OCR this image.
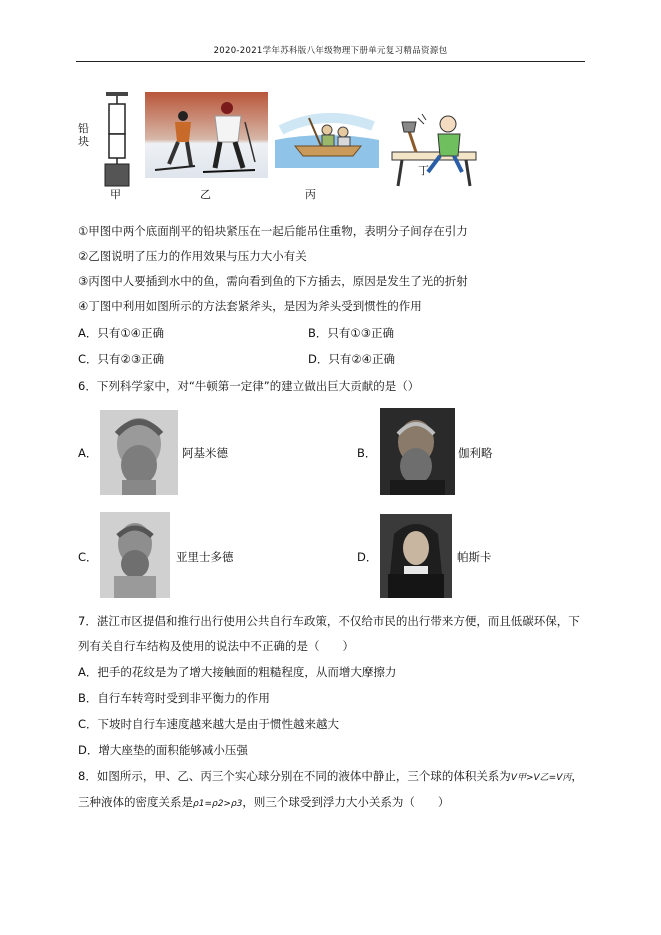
2020-2021学年苏科版八年级物理下册单元复习精品资源包
铅块
甲	乙	丙
丁
①甲图中两个底面削平的铅块紧压在一起后能吊住重物，表明分子间存在引力
②乙图说明了压力的作用效果与压力大小有关
③丙图中人要插到水中的鱼，需向看到鱼的下方插去，原因是发生了光的折射
④丁图中利用如图所示的方法套紧斧头，是因为斧头受到惯性的作用
A．只有①④正确	B．只有①③正确
C．只有②③正确	D．只有②④正确
6．下列科学家中，对“牛顿第一定律”的建立做出巨大贡献的是（）
A．	阿基米德	B．	伽利略
C．	亚里士多德	D．	帕斯卡
7．湛江市区提倡和推行出行使用公共自行车政策，不仅给市民的出行带来方便，而且低碳环保，下
列有关自行车结构及使用的说法中不正确的是（　　）
A．把手的花纹是为了增大接触面的粗糙程度，从而增大摩擦力
B．自行车转弯时受到非平衡力的作用
C．下坡时自行车速度越来越大是由于惯性越来越大
D．增大座垫的面积能够减小压强
8．如图所示，甲、乙、丙三个实心球分别在不同的液体中静止，三个球的体积关系为V甲>V乙=V丙，
三种液体的密度关系是ρ1=ρ2>ρ3，则三个球受到浮力大小关系为（　　）
